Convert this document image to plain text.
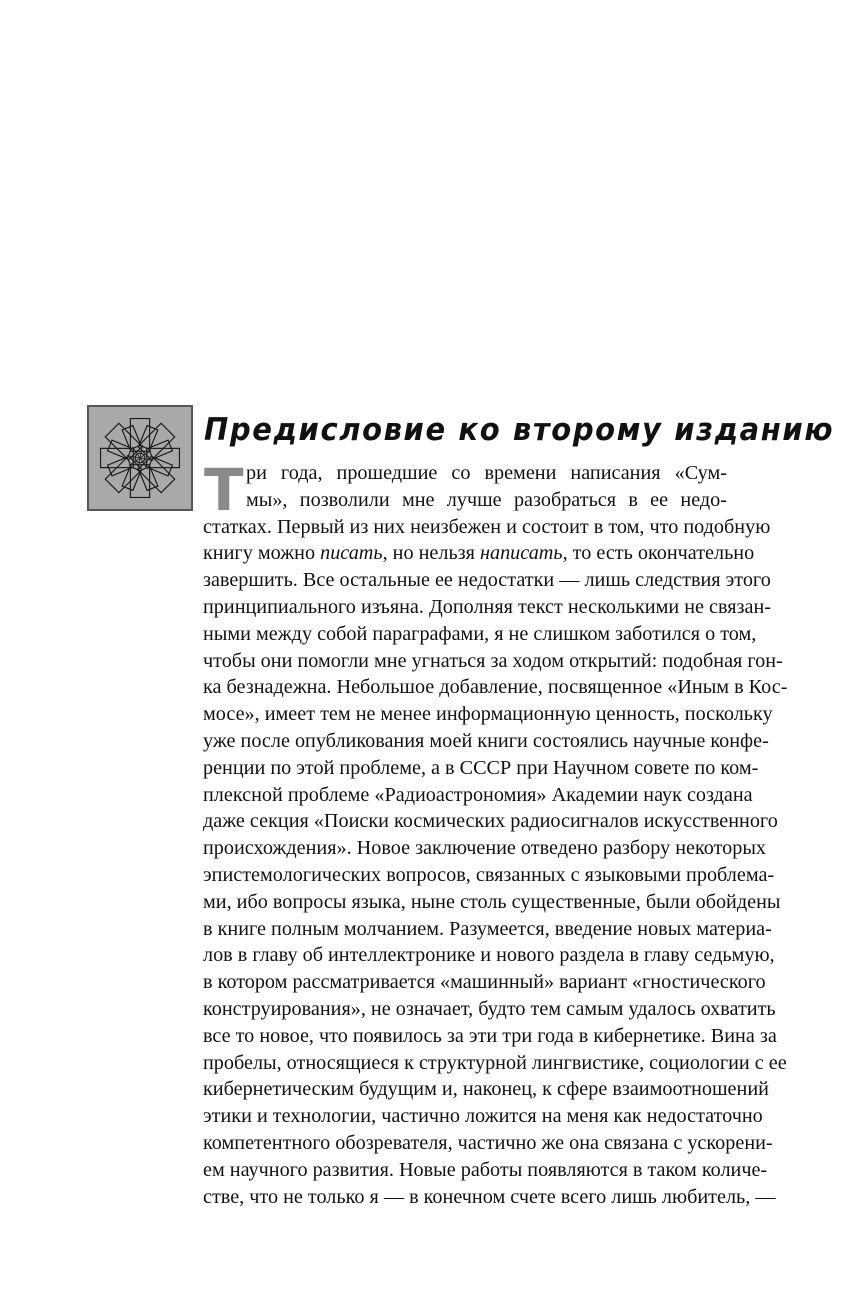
Предисловие ко второму изданию
Т ри года, прошедшие со времени написания «Сум-
мы», позволили мне лучше разобраться в ее недо-
статках. Первый из них неизбежен и состоит в том, что подобную
книгу можно писать, но нельзя написать, то есть окончательно
завершить. Все остальные ее недостатки — лишь следствия этого
принципиального изъяна. Дополняя текст несколькими не связан-
ными между собой параграфами, я не слишком заботился о том,
чтобы они помогли мне угнаться за ходом открытий: подобная гон-
ка безнадежна. Небольшое добавление, посвященное «Иным в Кос-
мосе», имеет тем не менее информационную ценность, поскольку
уже после опубликования моей книги состоялись научные конфе-
ренции по этой проблеме, а в СССР при Научном совете по ком-
плексной проблеме «Радиоастрономия» Академии наук создана
даже секция «Поиски космических радиосигналов искусственного
происхождения». Новое заключение отведено разбору некоторых
эпистемологических вопросов, связанных с языковыми проблема-
ми, ибо вопросы языка, ныне столь существенные, были обойдены
в книге полным молчанием. Разумеется, введение новых материа-
лов в главу об интеллектронике и нового раздела в главу седьмую,
в котором рассматривается «машинный» вариант «гностического
конструирования», не означает, будто тем самым удалось охватить
все то новое, что появилось за эти три года в кибернетике. Вина за
пробелы, относящиеся к структурной лингвистике, социологии с ее
кибернетическим будущим и, наконец, к сфере взаимоотношений
этики и технологии, частично ложится на меня как недостаточно
компетентного обозревателя, частично же она связана с ускорени-
ем научного развития. Новые работы появляются в таком количе-
стве, что не только я — в конечном счете всего лишь любитель, —
